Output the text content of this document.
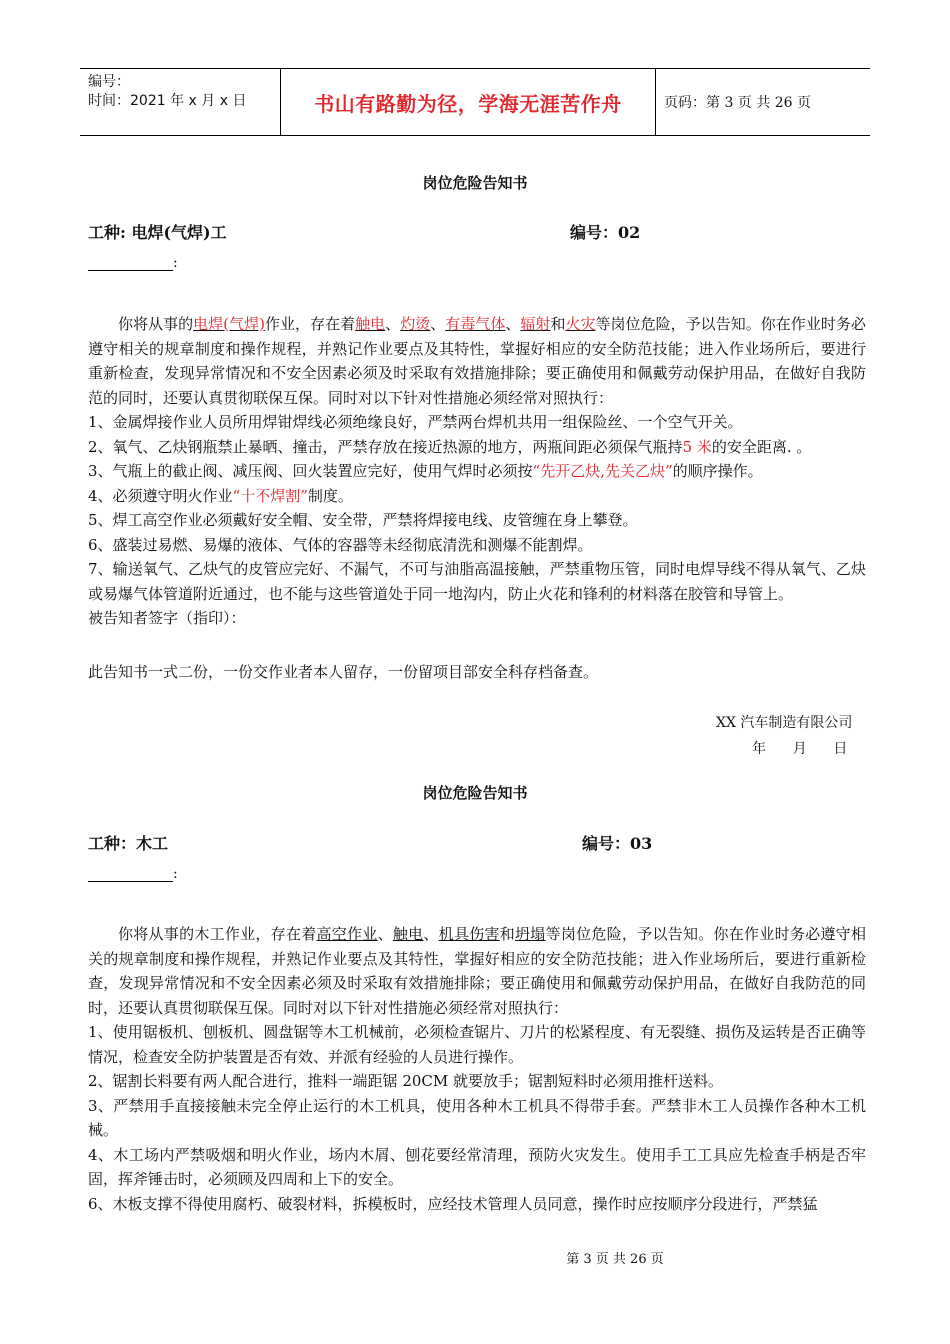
编号：
时间：2021 年 x 月 x 日	书山有路勤为径，学海无涯苦作舟	页码：第 3 页 共 26 页
岗位危险告知书
工种: 电焊(气焊)工	编号：02
:

你将从事的电焊(气焊)作业，存在着触电、灼烫、有毒气体、辐射和火灾等岗位危险，予以告知。你在作业时务必遵守相关的规章制度和操作规程，并熟记作业要点及其特性，掌握好相应的安全防范技能；进入作业场所后，要进行重新检查，发现异常情况和不安全因素必须及时采取有效措施排除；要正确使用和佩戴劳动保护用品，在做好自我防范的同时，还要认真贯彻联保互保。同时对以下针对性措施必须经常对照执行：

1、金属焊接作业人员所用焊钳焊线必须绝缘良好，严禁两台焊机共用一组保险丝、一个空气开关。

2、氧气、乙炔钢瓶禁止暴晒、撞击，严禁存放在接近热源的地方，两瓶间距必须保气瓶持5 米的安全距离. 。

3、气瓶上的截止阀、减压阀、回火装置应完好，使用气焊时必须按“先开乙炔,先关乙炔”的顺序操作。

4、必须遵守明火作业“十不焊割”制度。

5、焊工高空作业必须戴好安全帽、安全带，严禁将焊接电线、皮管缠在身上攀登。

6、盛装过易燃、易爆的液体、气体的容器等未经彻底清洗和测爆不能割焊。

7、输送氧气、乙炔气的皮管应完好、不漏气，不可与油脂高温接触，严禁重物压管，同时电焊导线不得从氧气、乙炔或易爆气体管道附近通过，也不能与这些管道处于同一地沟内，防止火花和锋利的材料落在胶管和导管上。

被告知者签字（指印）：

此告知书一式二份，一份交作业者本人留存，一份留项目部安全科存档备查。
XX 汽车制造有限公司
年      月      日
岗位危险告知书
工种：木工	编号：03
:

你将从事的木工作业，存在着高空作业、触电、机具伤害和坍塌等岗位危险，予以告知。你在作业时务必遵守相关的规章制度和操作规程，并熟记作业要点及其特性，掌握好相应的安全防范技能；进入作业场所后，要进行重新检查，发现异常情况和不安全因素必须及时采取有效措施排除；要正确使用和佩戴劳动保护用品，在做好自我防范的同时，还要认真贯彻联保互保。同时对以下针对性措施必须经常对照执行：

1、使用锯板机、刨板机、圆盘锯等木工机械前，必须检查锯片、刀片的松紧程度、有无裂缝、损伤及运转是否正确等情况，检查安全防护装置是否有效、并派有经验的人员进行操作。

2、锯割长料要有两人配合进行，推料一端距锯 20CM 就要放手；锯割短料时必须用推杆送料。

3、严禁用手直接接触未完全停止运行的木工机具，使用各种木工机具不得带手套。严禁非木工人员操作各种木工机械。

4、木工场内严禁吸烟和明火作业，场内木屑、刨花要经常清理，预防火灾发生。使用手工工具应先检查手柄是否牢固，挥斧锤击时，必须顾及四周和上下的安全。

6、木板支撑不得使用腐朽、破裂材料，拆模板时，应经技术管理人员同意，操作时应按顺序分段进行，严禁猛

第 3 页 共 26 页
